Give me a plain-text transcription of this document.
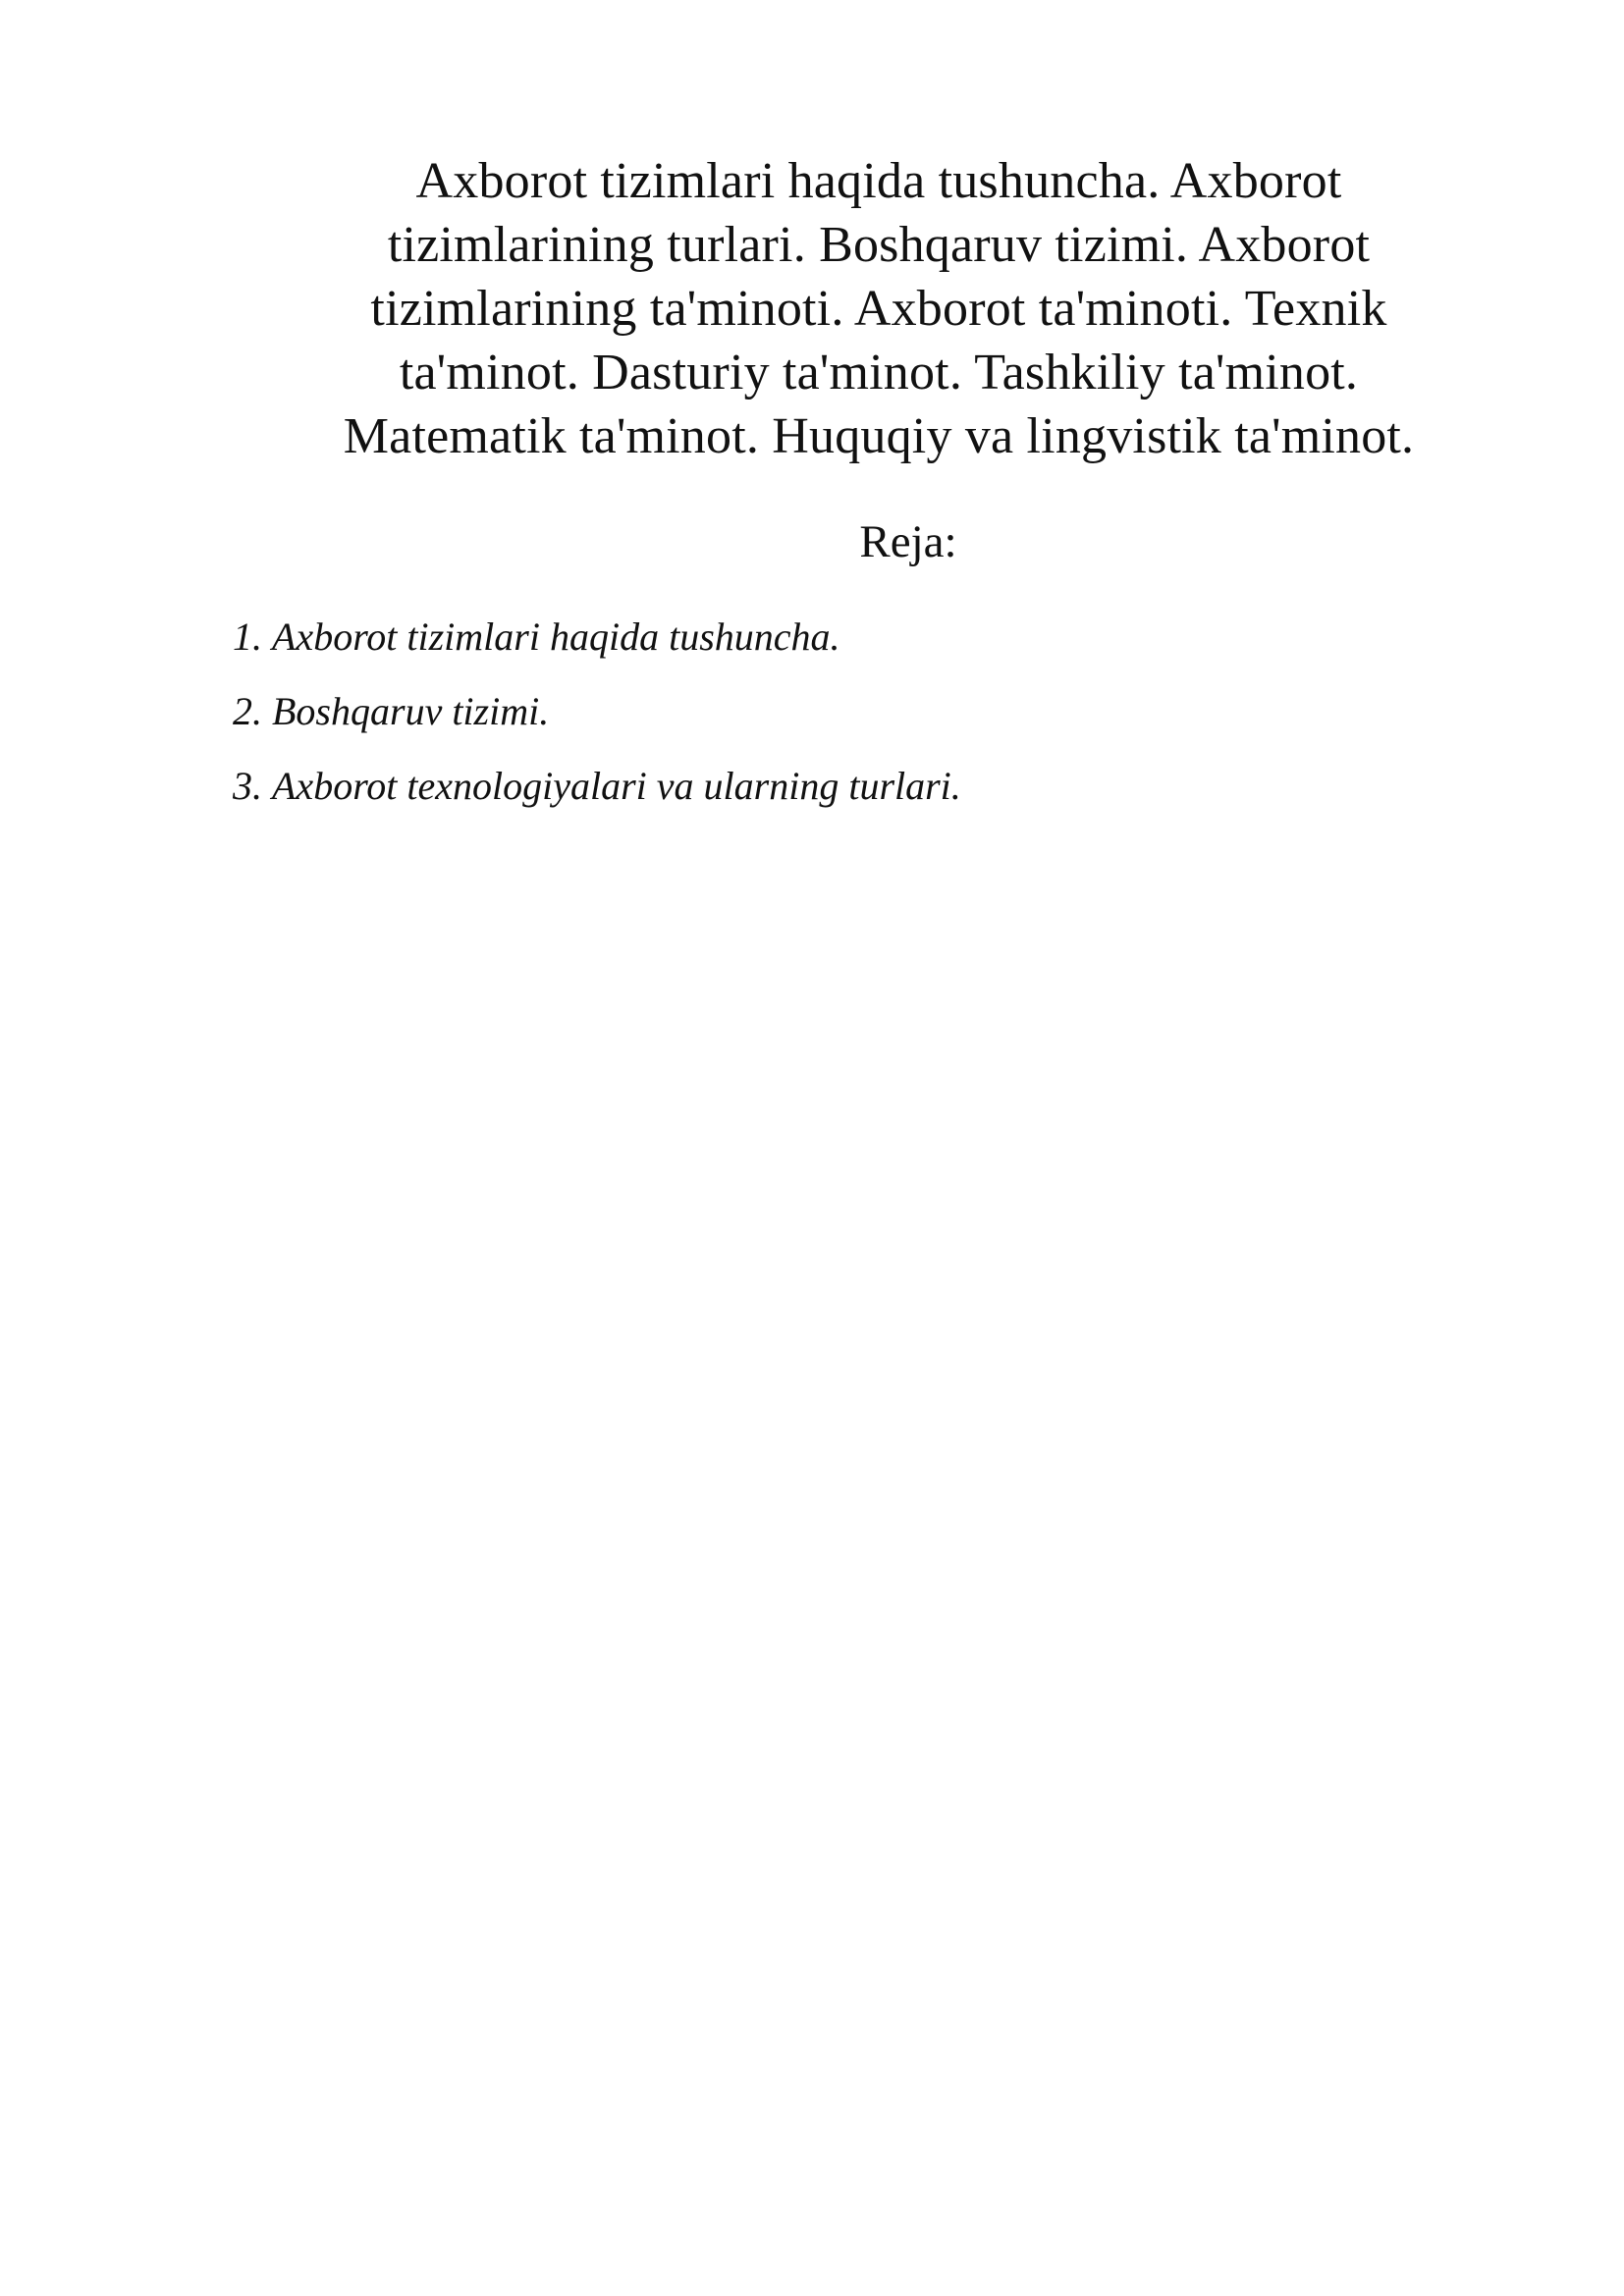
Axborot tizimlari haqida tushuncha. Axborot
tizimlarining turlari. Boshqaruv tizimi. Axborot
tizimlarining ta'minoti. Axborot ta'minoti. Texnik
ta'minot. Dasturiy ta'minot. Tashkiliy ta'minot.
Matematik ta'minot. Huquqiy va lingvistik ta'minot.
Reja:
1. Axborot tizimlari haqida tushuncha.
2. Boshqaruv tizimi.
3. Axborot texnologiyalari va ularning turlari.
